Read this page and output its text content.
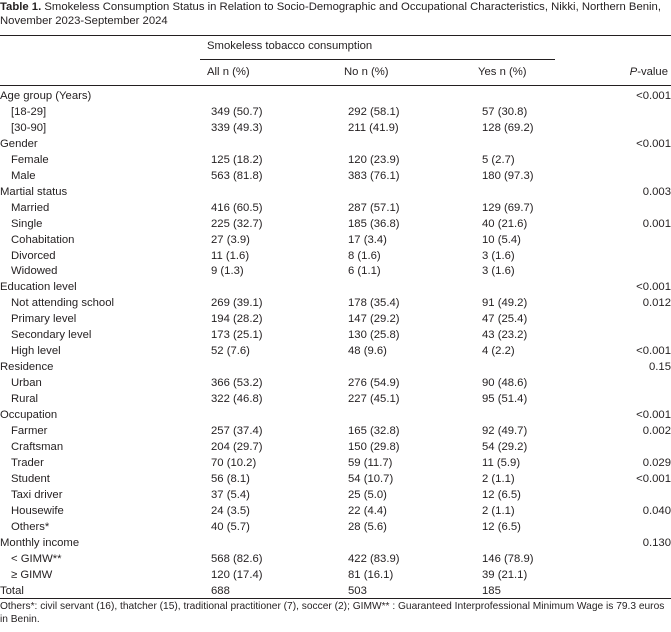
Table 1. Smokeless Consumption Status in Relation to Socio-Demographic and Occupational Characteristics, Nikki, Northern Benin, November 2023-September 2024
Smokeless tobacco consumption
All n (%)	No n (%)	Yes n (%)	P-value
Age group (Years)				<0.001
[18-29]	349 (50.7)	292 (58.1)	57 (30.8)	
[30-90]	339 (49.3)	211 (41.9)	128 (69.2)	
Gender				<0.001
Female	125 (18.2)	120 (23.9)	5 (2.7)	
Male	563 (81.8)	383 (76.1)	180 (97.3)	
Martial status				0.003
Married	416 (60.5)	287 (57.1)	129 (69.7)	
Single	225 (32.7)	185 (36.8)	40 (21.6)	0.001
Cohabitation	27 (3.9)	17 (3.4)	10 (5.4)	
Divorced	11 (1.6)	8 (1.6)	3 (1.6)	
Widowed	9 (1.3)	6 (1.1)	3 (1.6)	
Education level				<0.001
Not attending school	269 (39.1)	178 (35.4)	91 (49.2)	0.012
Primary level	194 (28.2)	147 (29.2)	47 (25.4)	
Secondary level	173 (25.1)	130 (25.8)	43 (23.2)	
High level	52 (7.6)	48 (9.6)	4 (2.2)	<0.001
Residence				0.15
Urban	366 (53.2)	276 (54.9)	90 (48.6)	
Rural	322 (46.8)	227 (45.1)	95 (51.4)	
Occupation				<0.001
Farmer	257 (37.4)	165 (32.8)	92 (49.7)	0.002
Craftsman	204 (29.7)	150 (29.8)	54 (29.2)	
Trader	70 (10.2)	59 (11.7)	11 (5.9)	0.029
Student	56 (8.1)	54 (10.7)	2 (1.1)	<0.001
Taxi driver	37 (5.4)	25 (5.0)	12 (6.5)	
Housewife	24 (3.5)	22 (4.4)	2 (1.1)	0.040
Others*	40 (5.7)	28 (5.6)	12 (6.5)	
Monthly income				0.130
< GIMW**	568 (82.6)	422 (83.9)	146 (78.9)	
≥ GIMW	120 (17.4)	81 (16.1)	39 (21.1)	
Total	688	503	185	
Others*: civil servant (16), thatcher (15), traditional practitioner (7), soccer (2); GIMW** : Guaranteed Interprofessional Minimum Wage is 79.3 euros in Benin.
